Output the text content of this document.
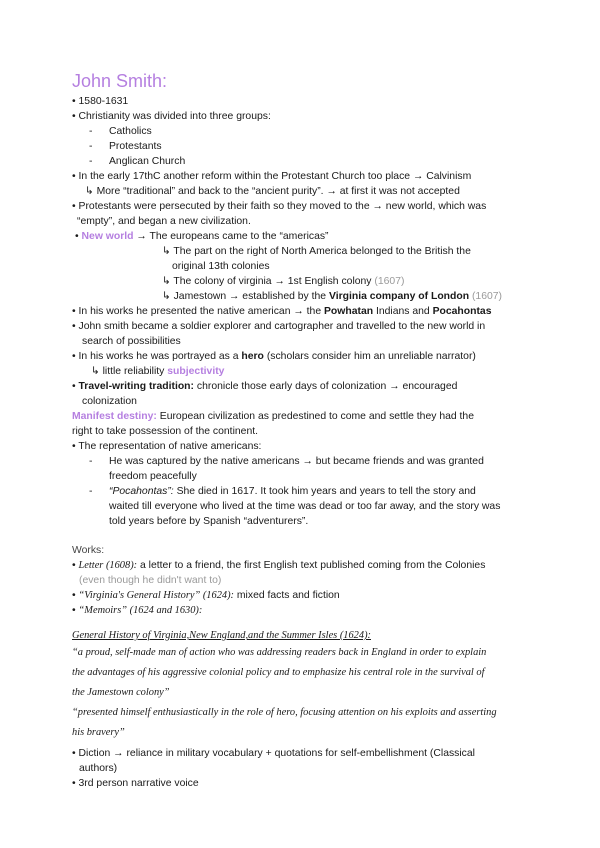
John Smith:
• 1580-1631
• Christianity was divided into three groups:
- Catholics
- Protestants
- Anglican Church
• In the early 17thC another reform within the Protestant Church too place → Calvinism
↳ More “traditional” and back to the “ancient purity”. → at first it was not accepted
• Protestants were persecuted by their faith so they moved to the → new world, which was
“empty”, and began a new civilization.
• New world → The europeans came to the “americas”
↳ The part on the right of North America belonged to the British the
original 13th colonies
↳ The colony of virginia → 1st English colony (1607)
↳ Jamestown → established by the Virginia company of London (1607)
• In his works he presented the native american → the Powhatan Indians and Pocahontas
• John smith became a soldier explorer and cartographer and travelled to the new world in
search of possibilities
• In his works he was portrayed as a hero (scholars consider him an unreliable narrator)
↳ little reliability subjectivity
• Travel-writing tradition: chronicle those early days of colonization → encouraged
colonization
Manifest destiny: European civilization as predestined to come and settle they had the
right to take possession of the continent.
• The representation of native americans:
- He was captured by the native americans → but became friends and was granted
freedom peacefully
- “Pocahontas”: She died in 1617. It took him years and years to tell the story and
waited till everyone who lived at the time was dead or too far away, and the story was
told years before by Spanish “adventurers”.
Works:
• Letter (1608): a letter to a friend, the first English text published coming from the Colonies
(even though he didn't want to)
• “Virginia's General History” (1624): mixed facts and fiction
• “Memoirs” (1624 and 1630):
General History of Virginia,New England,and the Summer Isles (1624):
“a proud, self-made man of action who was addressing readers back in England in order to explain
the advantages of his aggressive colonial policy and to emphasize his central role in the survival of
the Jamestown colony”
“presented himself enthusiastically in the role of hero, focusing attention on his exploits and asserting
his bravery”
• Diction → reliance in military vocabulary + quotations for self-embellishment (Classical
authors)
• 3rd person narrative voice
